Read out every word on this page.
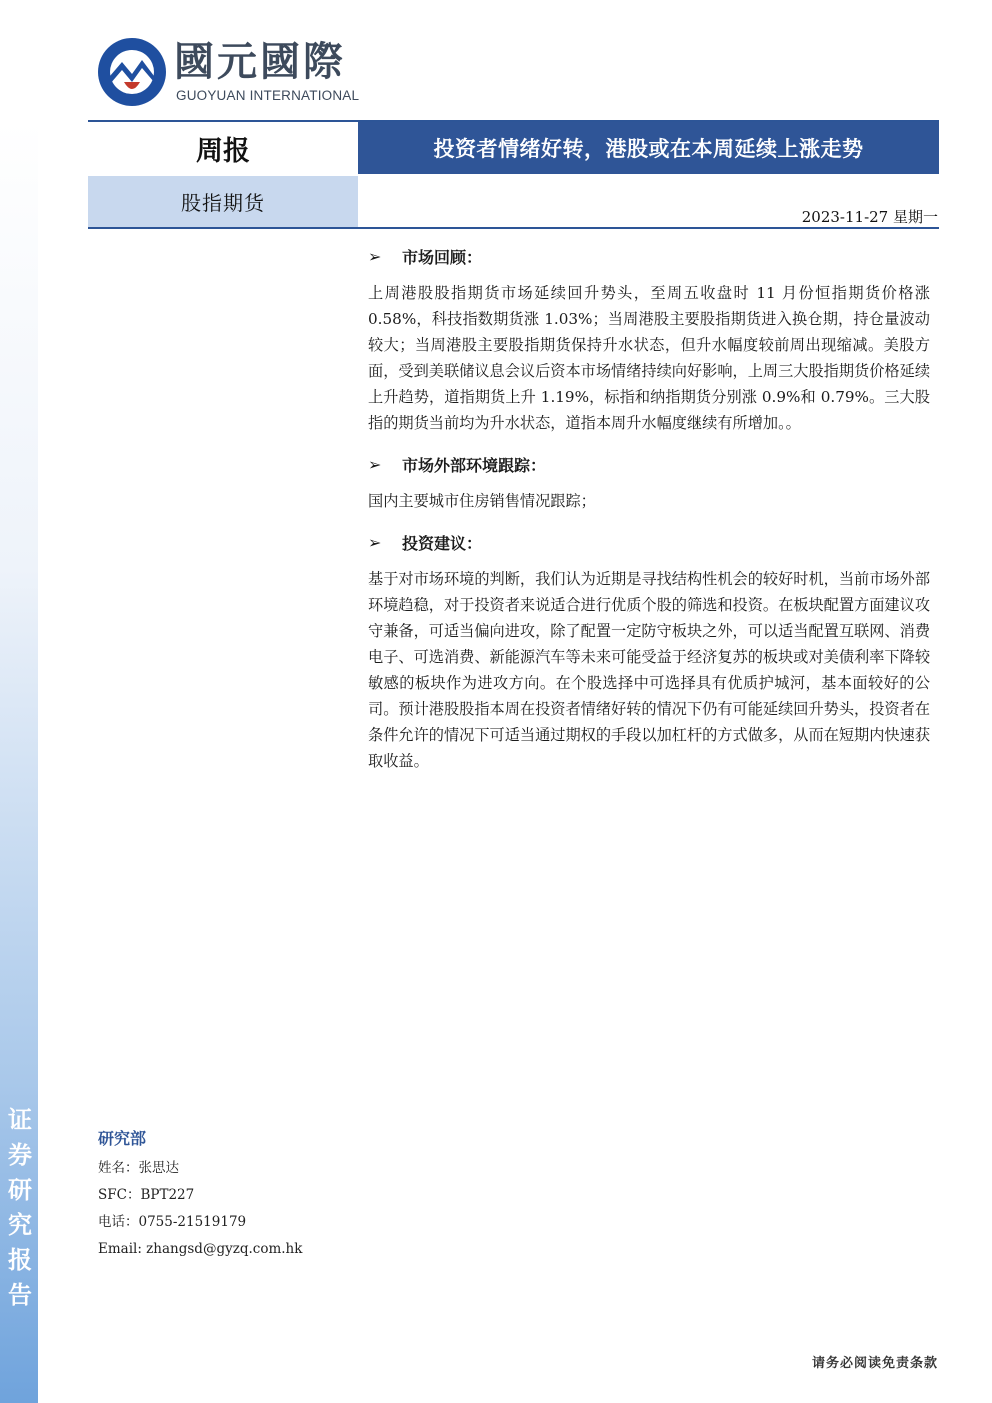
证
券
研
究
报
告
國元國際
GUOYUAN INTERNATIONAL
周报	投资者情绪好转，港股或在本周延续上涨走势
股指期货
2023-11-27 星期一
➢	市场回顾：
上周港股股指期货市场延续回升势头，至周五收盘时 11 月份恒指期货价格涨 0.58%，科技指数期货涨 1.03%；当周港股主要股指期货进入换仓期，持仓量波动较大；当周港股主要股指期货保持升水状态，但升水幅度较前周出现缩减。美股方面，受到美联储议息会议后资本市场情绪持续向好影响，上周三大股指期货价格延续上升趋势，道指期货上升 1.19%，标指和纳指期货分别涨 0.9%和 0.79%。三大股指的期货当前均为升水状态，道指本周升水幅度继续有所增加。。
➢	市场外部环境跟踪：
国内主要城市住房销售情况跟踪；
➢	投资建议：
基于对市场环境的判断，我们认为近期是寻找结构性机会的较好时机，当前市场外部环境趋稳，对于投资者来说适合进行优质个股的筛选和投资。在板块配置方面建议攻守兼备，可适当偏向进攻，除了配置一定防守板块之外，可以适当配置互联网、消费电子、可选消费、新能源汽车等未来可能受益于经济复苏的板块或对美债利率下降较敏感的板块作为进攻方向。在个股选择中可选择具有优质护城河，基本面较好的公司。预计港股股指本周在投资者情绪好转的情况下仍有可能延续回升势头，投资者在条件允许的情况下可适当通过期权的手段以加杠杆的方式做多，从而在短期内快速获取收益。
研究部
姓名：张思达
SFC：BPT227
电话：0755-21519179
Email: zhangsd@gyzq.com.hk
请务必阅读免责条款
